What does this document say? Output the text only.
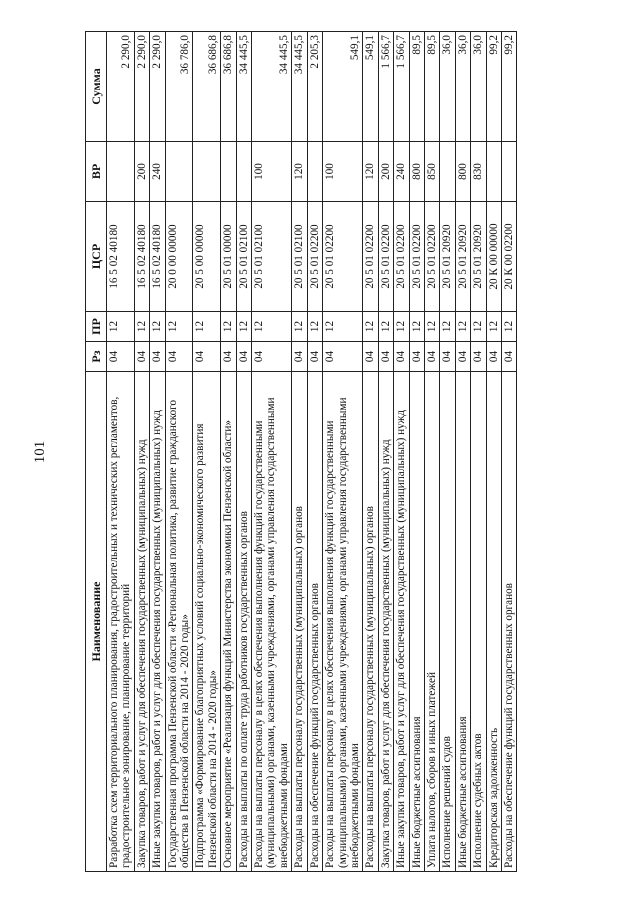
101
Наименование	Рз	ПР	ЦСР	ВР	Сумма
Разработка схем территориального планирования, градостроительных и технических регламентов, градостроительное зонирование, планирование территорий	04	12	16 5 02 40180		2 290,0
Закупка товаров, работ и услуг для обеспечения государственных (муниципальных) нужд	04	12	16 5 02 40180	200	2 290,0
Иные закупки товаров, работ и услуг для обеспечения государственных (муниципальных) нужд	04	12	16 5 02 40180	240	2 290,0
Государственная программа Пензенской области «Региональная политика, развитие гражданского общества в Пензенской области на 2014 - 2020 годы»	04	12	20 0 00 00000		36 786,0
Подпрограмма «Формирование благоприятных условий социально-экономического развития Пензенской области на 2014 - 2020 годы»	04	12	20 5 00 00000		36 686,8
Основное мероприятие «Реализация функций Министерства экономики Пензенской области»	04	12	20 5 01 00000		36 686,8
Расходы на выплаты по оплате труда работников государственных органов	04	12	20 5 01 02100		34 445,5
Расходы на выплаты персоналу в целях обеспечения выполнения функций государственными (муниципальными) органами, казенными учреждениями, органами управления государственными внебюджетными фондами	04	12	20 5 01 02100	100	34 445,5
Расходы на выплаты персоналу государственных (муниципальных) органов	04	12	20 5 01 02100	120	34 445,5
Расходы на обеспечение функций государственных органов	04	12	20 5 01 02200		2 205,3
Расходы на выплаты персоналу в целях обеспечения выполнения функций государственными (муниципальными) органами, казенными учреждениями, органами управления государственными внебюджетными фондами	04	12	20 5 01 02200	100	549,1
Расходы на выплаты персоналу государственных (муниципальных) органов	04	12	20 5 01 02200	120	549,1
Закупка товаров, работ и услуг для обеспечения государственных (муниципальных) нужд	04	12	20 5 01 02200	200	1 566,7
Иные закупки товаров, работ и услуг для обеспечения государственных (муниципальных) нужд	04	12	20 5 01 02200	240	1 566,7
Иные бюджетные ассигнования	04	12	20 5 01 02200	800	89,5
Уплата налогов, сборов и иных платежей	04	12	20 5 01 02200	850	89,5
Исполнение решений судов	04	12	20 5 01 20920		36,0
Иные бюджетные ассигнования	04	12	20 5 01 20920	800	36,0
Исполнение судебных актов	04	12	20 5 01 20920	830	36,0
Кредиторская задолженность	04	12	20 К 00 00000		99,2
Расходы на обеспечение функций государственных органов	04	12	20 К 00 02200		99,2
